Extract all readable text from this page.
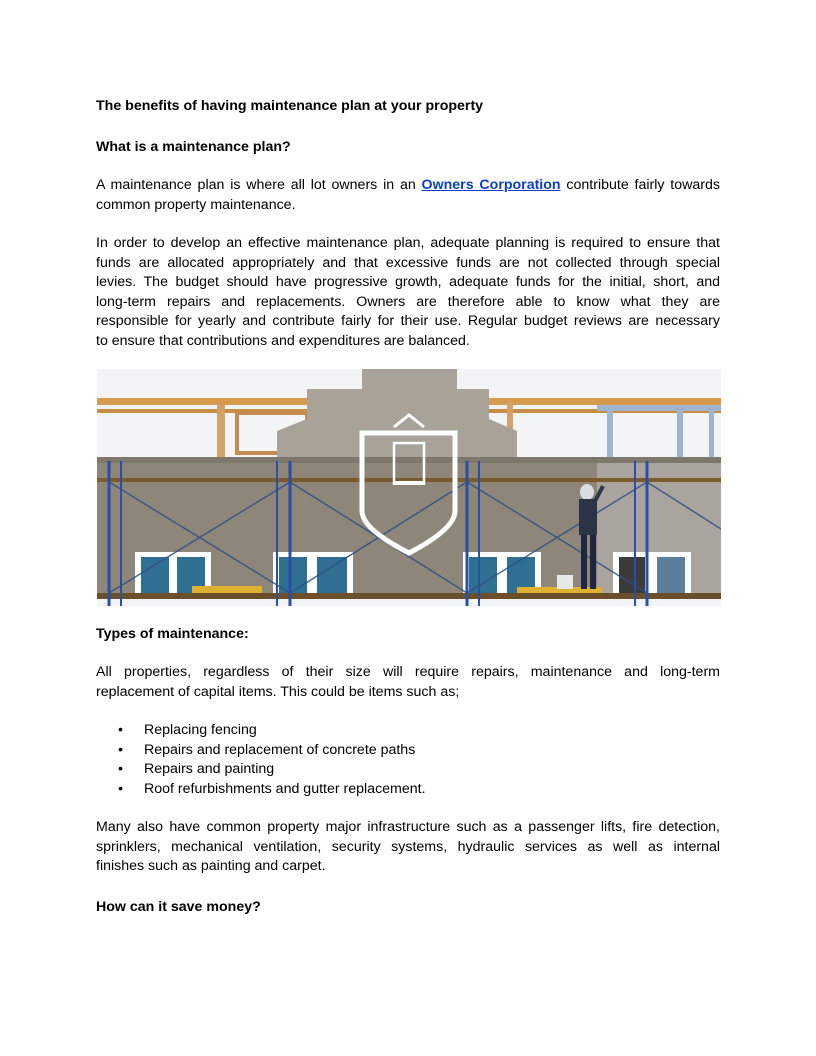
The benefits of having maintenance plan at your property
What is a maintenance plan?
A maintenance plan is where all lot owners in an Owners Corporation contribute fairly towards
common property maintenance.
In order to develop an effective maintenance plan, adequate planning is required to ensure that
funds are allocated appropriately and that excessive funds are not collected through special
levies. The budget should have progressive growth, adequate funds for the initial, short, and
long-term repairs and replacements. Owners are therefore able to know what they are
responsible for yearly and contribute fairly for their use. Regular budget reviews are necessary
to ensure that contributions and expenditures are balanced.
Types of maintenance:
All properties, regardless of their size will require repairs, maintenance and long-term
replacement of capital items. This could be items such as;
• Replacing fencing
• Repairs and replacement of concrete paths
• Repairs and painting
• Roof refurbishments and gutter replacement.
Many also have common property major infrastructure such as a passenger lifts, fire detection,
sprinklers, mechanical ventilation, security systems, hydraulic services as well as internal
finishes such as painting and carpet.
How can it save money?
